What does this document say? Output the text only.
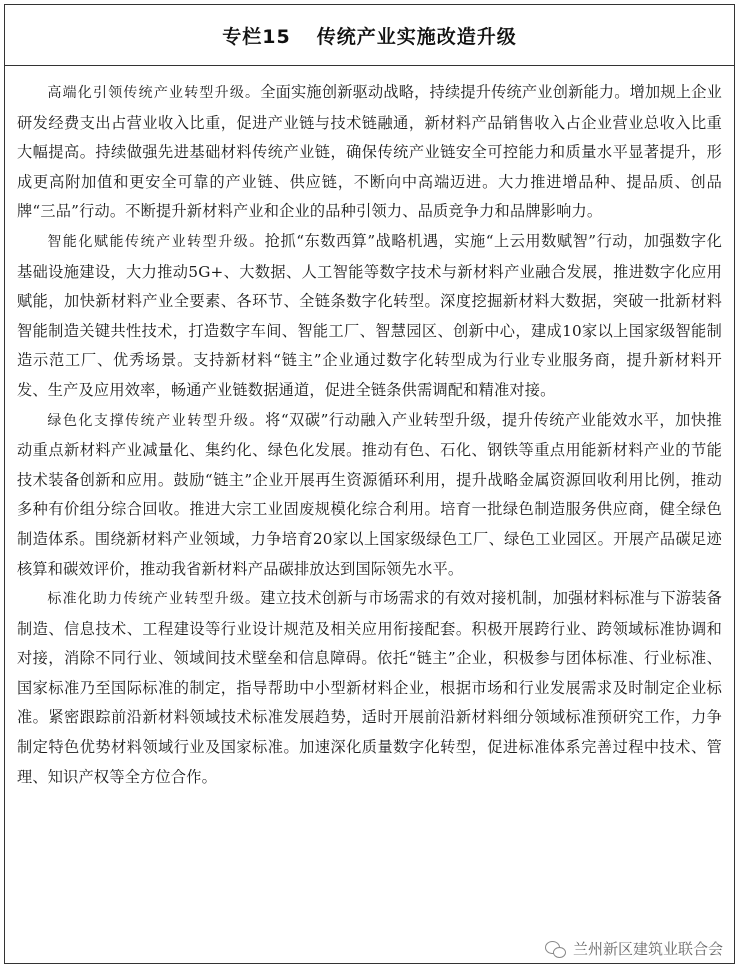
专栏15 传统产业实施改造升级

高端化引领传统产业转型升级。全面实施创新驱动战略，持续提升传统产业创新能力。增加规上企业研发经费支出占营业收入比重，促进产业链与技术链融通，新材料产品销售收入占企业营业总收入比重大幅提高。持续做强先进基础材料传统产业链，确保传统产业链安全可控能力和质量水平显著提升，形成更高附加值和更安全可靠的产业链、供应链，不断向中高端迈进。大力推进增品种、提品质、创品牌“三品”行动。不断提升新材料产业和企业的品种引领力、品质竞争力和品牌影响力。

智能化赋能传统产业转型升级。抢抓“东数西算”战略机遇，实施“上云用数赋智”行动，加强数字化基础设施建设，大力推动5G+、大数据、人工智能等数字技术与新材料产业融合发展，推进数字化应用赋能，加快新材料产业全要素、各环节、全链条数字化转型。深度挖掘新材料大数据，突破一批新材料智能制造关键共性技术，打造数字车间、智能工厂、智慧园区、创新中心，建成10家以上国家级智能制造示范工厂、优秀场景。支持新材料“链主”企业通过数字化转型成为行业专业服务商，提升新材料开发、生产及应用效率，畅通产业链数据通道，促进全链条供需调配和精准对接。

绿色化支撑传统产业转型升级。将“双碳”行动融入产业转型升级，提升传统产业能效水平，加快推动重点新材料产业减量化、集约化、绿色化发展。推动有色、石化、钢铁等重点用能新材料产业的节能技术装备创新和应用。鼓励“链主”企业开展再生资源循环利用，提升战略金属资源回收利用比例，推动多种有价组分综合回收。推进大宗工业固废规模化综合利用。培育一批绿色制造服务供应商，健全绿色制造体系。围绕新材料产业领域，力争培育20家以上国家级绿色工厂、绿色工业园区。开展产品碳足迹核算和碳效评价，推动我省新材料产品碳排放达到国际领先水平。

标准化助力传统产业转型升级。建立技术创新与市场需求的有效对接机制，加强材料标准与下游装备制造、信息技术、工程建设等行业设计规范及相关应用衔接配套。积极开展跨行业、跨领域标准协调和对接，消除不同行业、领域间技术壁垒和信息障碍。依托“链主”企业，积极参与团体标准、行业标准、国家标准乃至国际标准的制定，指导帮助中小型新材料企业，根据市场和行业发展需求及时制定企业标准。紧密跟踪前沿新材料领域技术标准发展趋势，适时开展前沿新材料细分领域标准预研究工作，力争制定特色优势材料领域行业及国家标准。加速深化质量数字化转型，促进标准体系完善过程中技术、管理、知识产权等全方位合作。

兰州新区建筑业联合会
